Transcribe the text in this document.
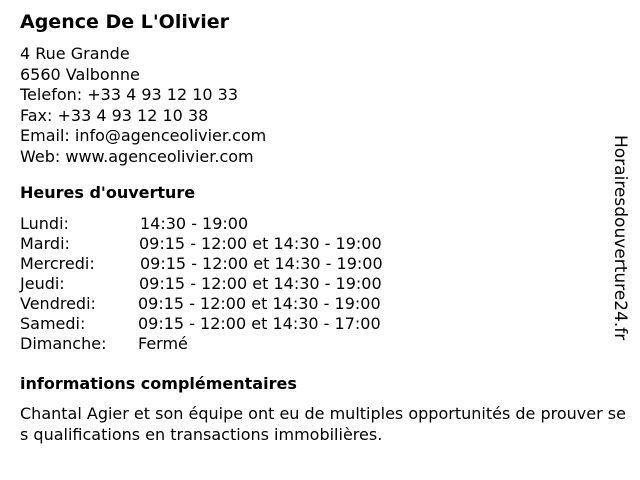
Agence De L'Olivier
4 Rue Grande
6560 Valbonne
Telefon: +33 4 93 12 10 33
Fax: +33 4 93 12 10 38
Email: info@agenceolivier.com
Web: www.agenceolivier.com
Heures d'ouverture
Lundi:	14:30 - 19:00
Mardi:	09:15 - 12:00 et 14:30 - 19:00
Mercredi:	09:15 - 12:00 et 14:30 - 19:00
Jeudi:	09:15 - 12:00 et 14:30 - 19:00
Vendredi:	09:15 - 12:00 et 14:30 - 19:00
Samedi:	09:15 - 12:00 et 14:30 - 17:00
Dimanche: Fermé
informations complémentaires
Chantal Agier et son équipe ont eu de multiples opportunités de prouver ses qualifications en transactions immobilières.
Horairesdouverture24.fr
